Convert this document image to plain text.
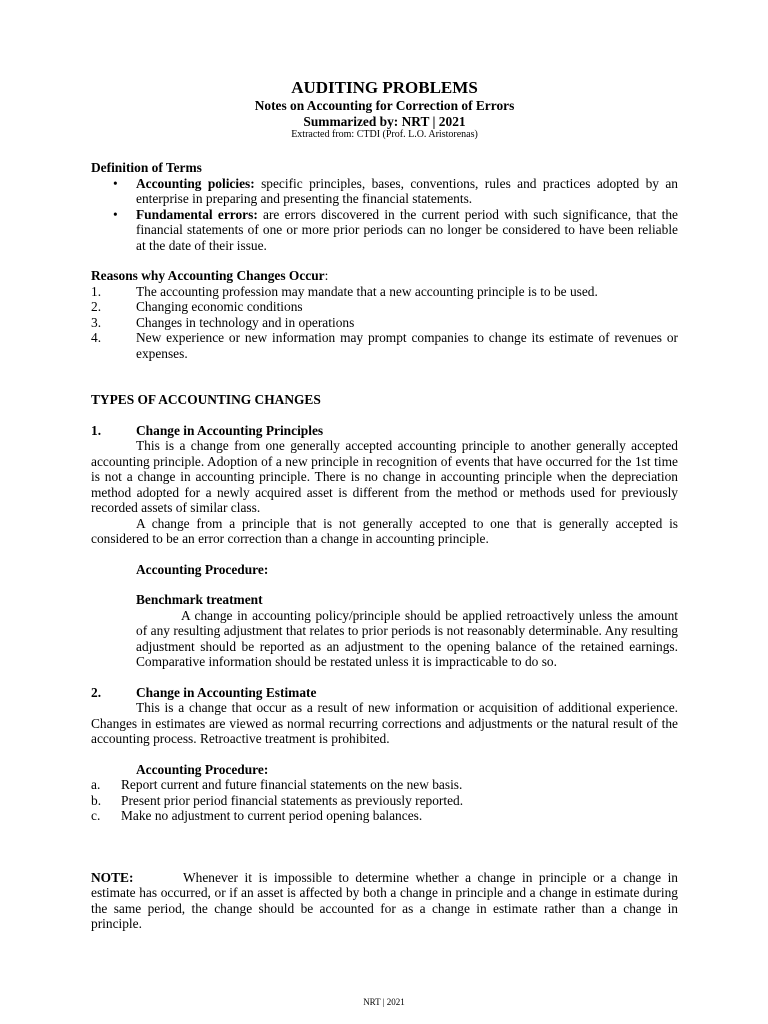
AUDITING PROBLEMS
Notes on Accounting for Correction of Errors
Summarized by: NRT | 2021
Extracted from: CTDI (Prof. L.O. Aristorenas)
Definition of Terms
• Accounting policies: specific principles, bases, conventions, rules and practices adopted by an enterprise in preparing and presenting the financial statements.
• Fundamental errors: are errors discovered in the current period with such significance, that the financial statements of one or more prior periods can no longer be considered to have been reliable at the date of their issue.
Reasons why Accounting Changes Occur:
1.	The accounting profession may mandate that a new accounting principle is to be used.
2.	Changing economic conditions
3.	Changes in technology and in operations
4.	New experience or new information may prompt companies to change its estimate of revenues or expenses.
TYPES OF ACCOUNTING CHANGES
1.	Change in Accounting Principles
This is a change from one generally accepted accounting principle to another generally accepted accounting principle. Adoption of a new principle in recognition of events that have occurred for the 1st time is not a change in accounting principle. There is no change in accounting principle when the depreciation method adopted for a newly acquired asset is different from the method or methods used for previously recorded assets of similar class.
A change from a principle that is not generally accepted to one that is generally accepted is considered to be an error correction than a change in accounting principle.
Accounting Procedure:
Benchmark treatment
A change in accounting policy/principle should be applied retroactively unless the amount of any resulting adjustment that relates to prior periods is not reasonably determinable. Any resulting adjustment should be reported as an adjustment to the opening balance of the retained earnings. Comparative information should be restated unless it is impracticable to do so.
2.	Change in Accounting Estimate
This is a change that occur as a result of new information or acquisition of additional experience. Changes in estimates are viewed as normal recurring corrections and adjustments or the natural result of the accounting process. Retroactive treatment is prohibited.
Accounting Procedure:
a. Report current and future financial statements on the new basis.
b. Present prior period financial statements as previously reported.
c. Make no adjustment to current period opening balances.
NOTE:	Whenever it is impossible to determine whether a change in principle or a change in estimate has occurred, or if an asset is affected by both a change in principle and a change in estimate during the same period, the change should be accounted for as a change in estimate rather than a change in principle.
NRT | 2021
